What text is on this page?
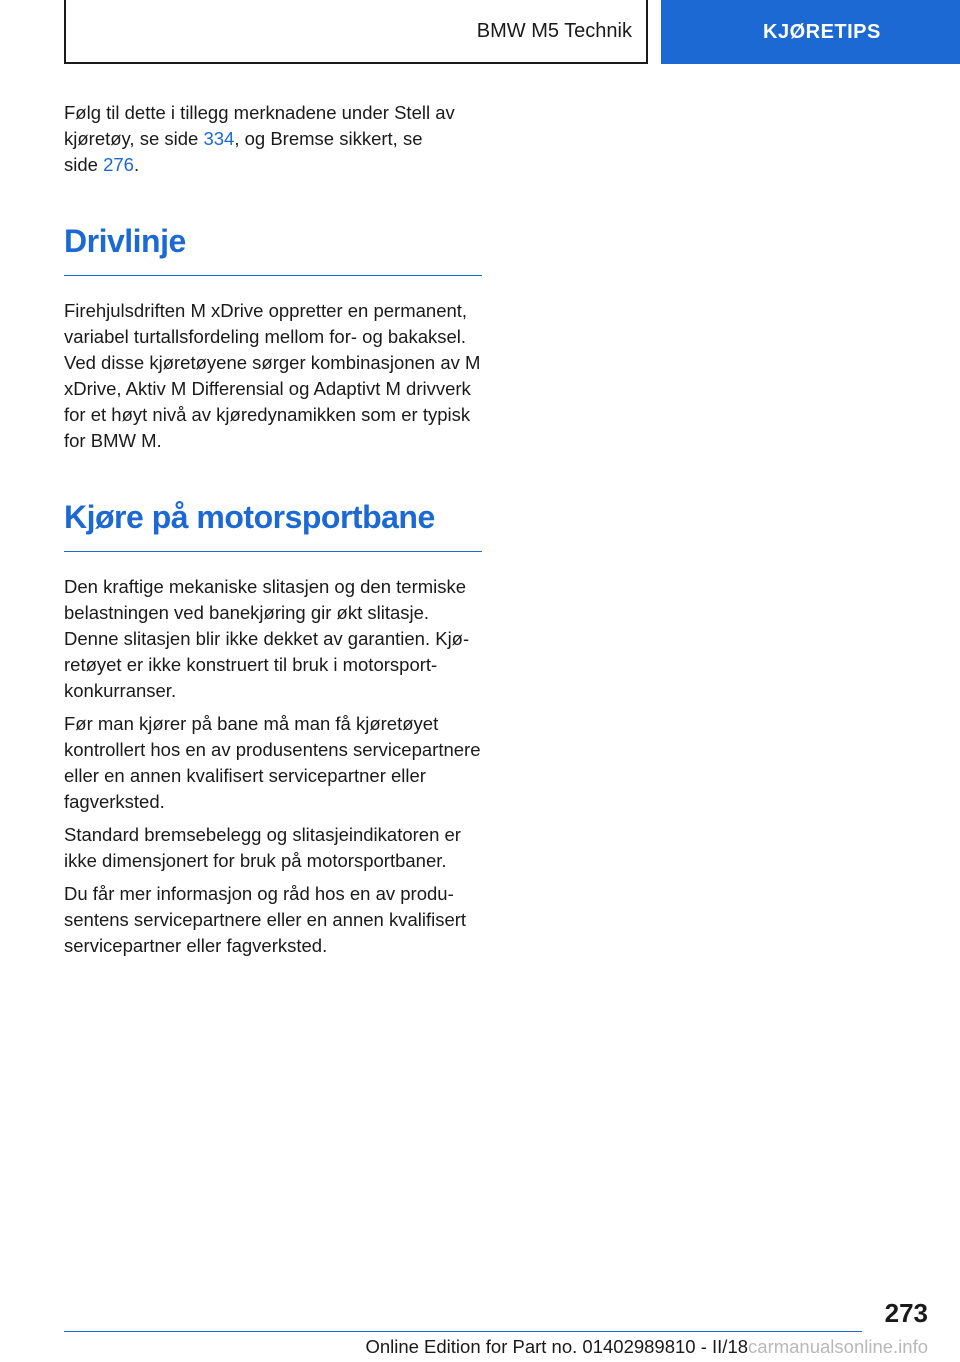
BMW M5 Technik	KJØRETIPS

Følg til dette i tillegg merknadene under Stell av
kjøretøy, se side 334, og Bremse sikkert, se
side 276.

Drivlinje

Firehjulsdriften M xDrive oppretter en permanent, variabel turtallsfordeling mellom for- og bakaksel. Ved disse kjøretøyene sørger kombinasjonen av M xDrive, Aktiv M Differensial og Adaptivt M drivverk for et høyt nivå av kjøredynamikken som er typisk for BMW M.

Kjøre på motorsportbane

Den kraftige mekaniske slitasjen og den termiske belastningen ved banekjøring gir økt slitasje. Denne slitasjen blir ikke dekket av garantien. Kjøretøyet er ikke konstruert til bruk i motorsportkonkurranser.

Før man kjører på bane må man få kjøretøyet kontrollert hos en av produsentens servicepartnere eller en annen kvalifisert servicepartner eller fagverksted.

Standard bremsebelegg og slitasjeindikatoren er ikke dimensjonert for bruk på motorsportbaner.

Du får mer informasjon og råd hos en av produsentens servicepartnere eller en annen kvalifisert servicepartner eller fagverksted.

273
Online Edition for Part no. 01402989810 - II/18carmanualsonline.info
